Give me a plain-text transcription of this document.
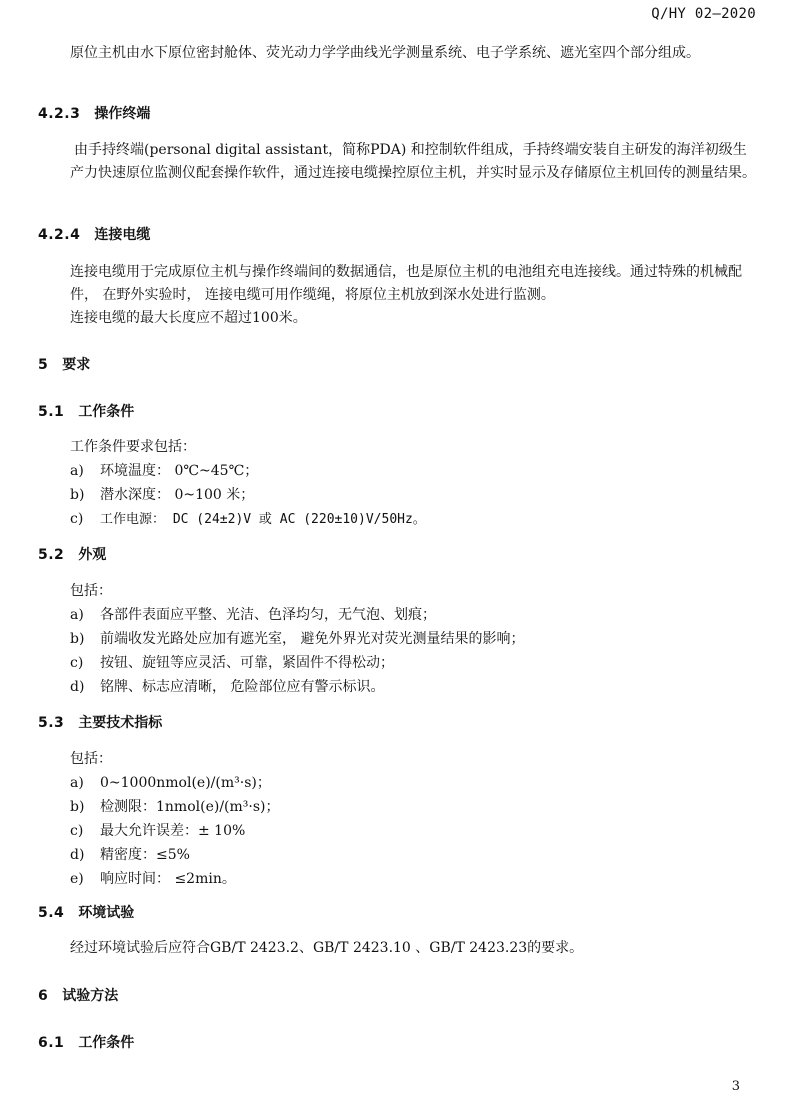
Q/HY 02—2020

原位主机由水下原位密封舱体、荧光动力学学曲线光学测量系统、电子学系统、遮光室四个部分组成。

4.2.3 操作终端

由手持终端(personal digital assistant，简称PDA) 和控制软件组成，手持终端安装自主研发的海洋初级生产力快速原位监测仪配套操作软件，通过连接电缆操控原位主机，并实时显示及存储原位主机回传的测量结果。

4.2.4 连接电缆

连接电缆用于完成原位主机与操作终端间的数据通信，也是原位主机的电池组充电连接线。通过特殊的机械配件， 在野外实验时， 连接电缆可用作缆绳，将原位主机放到深水处进行监测。

连接电缆的最大长度应不超过100米。

5 要求
5.1 工作条件
工作条件要求包括：
a) 环境温度： 0℃~45℃；
b) 潜水深度： 0~100 米；
c) 工作电源： DC (24±2)V 或 AC (220±10)V/50Hz。
5.2 外观
包括：
a) 各部件表面应平整、光洁、色泽均匀，无气泡、划痕；
b) 前端收发光路处应加有遮光室， 避免外界光对荧光测量结果的影响；
c) 按钮、旋钮等应灵活、可靠，紧固件不得松动；
d) 铭牌、标志应清晰， 危险部位应有警示标识。
5.3 主要技术指标
包括：
a) 0~1000nmol(e)/(m³·s)；
b) 检测限：1nmol(e)/(m³·s)；
c) 最大允许误差：± 10%
d) 精密度：≤5%
e) 响应时间： ≤2min。
5.4 环境试验

经过环境试验后应符合GB/T 2423.2、GB/T 2423.10 、GB/T 2423.23的要求。

6 试验方法
6.1 工作条件
3
